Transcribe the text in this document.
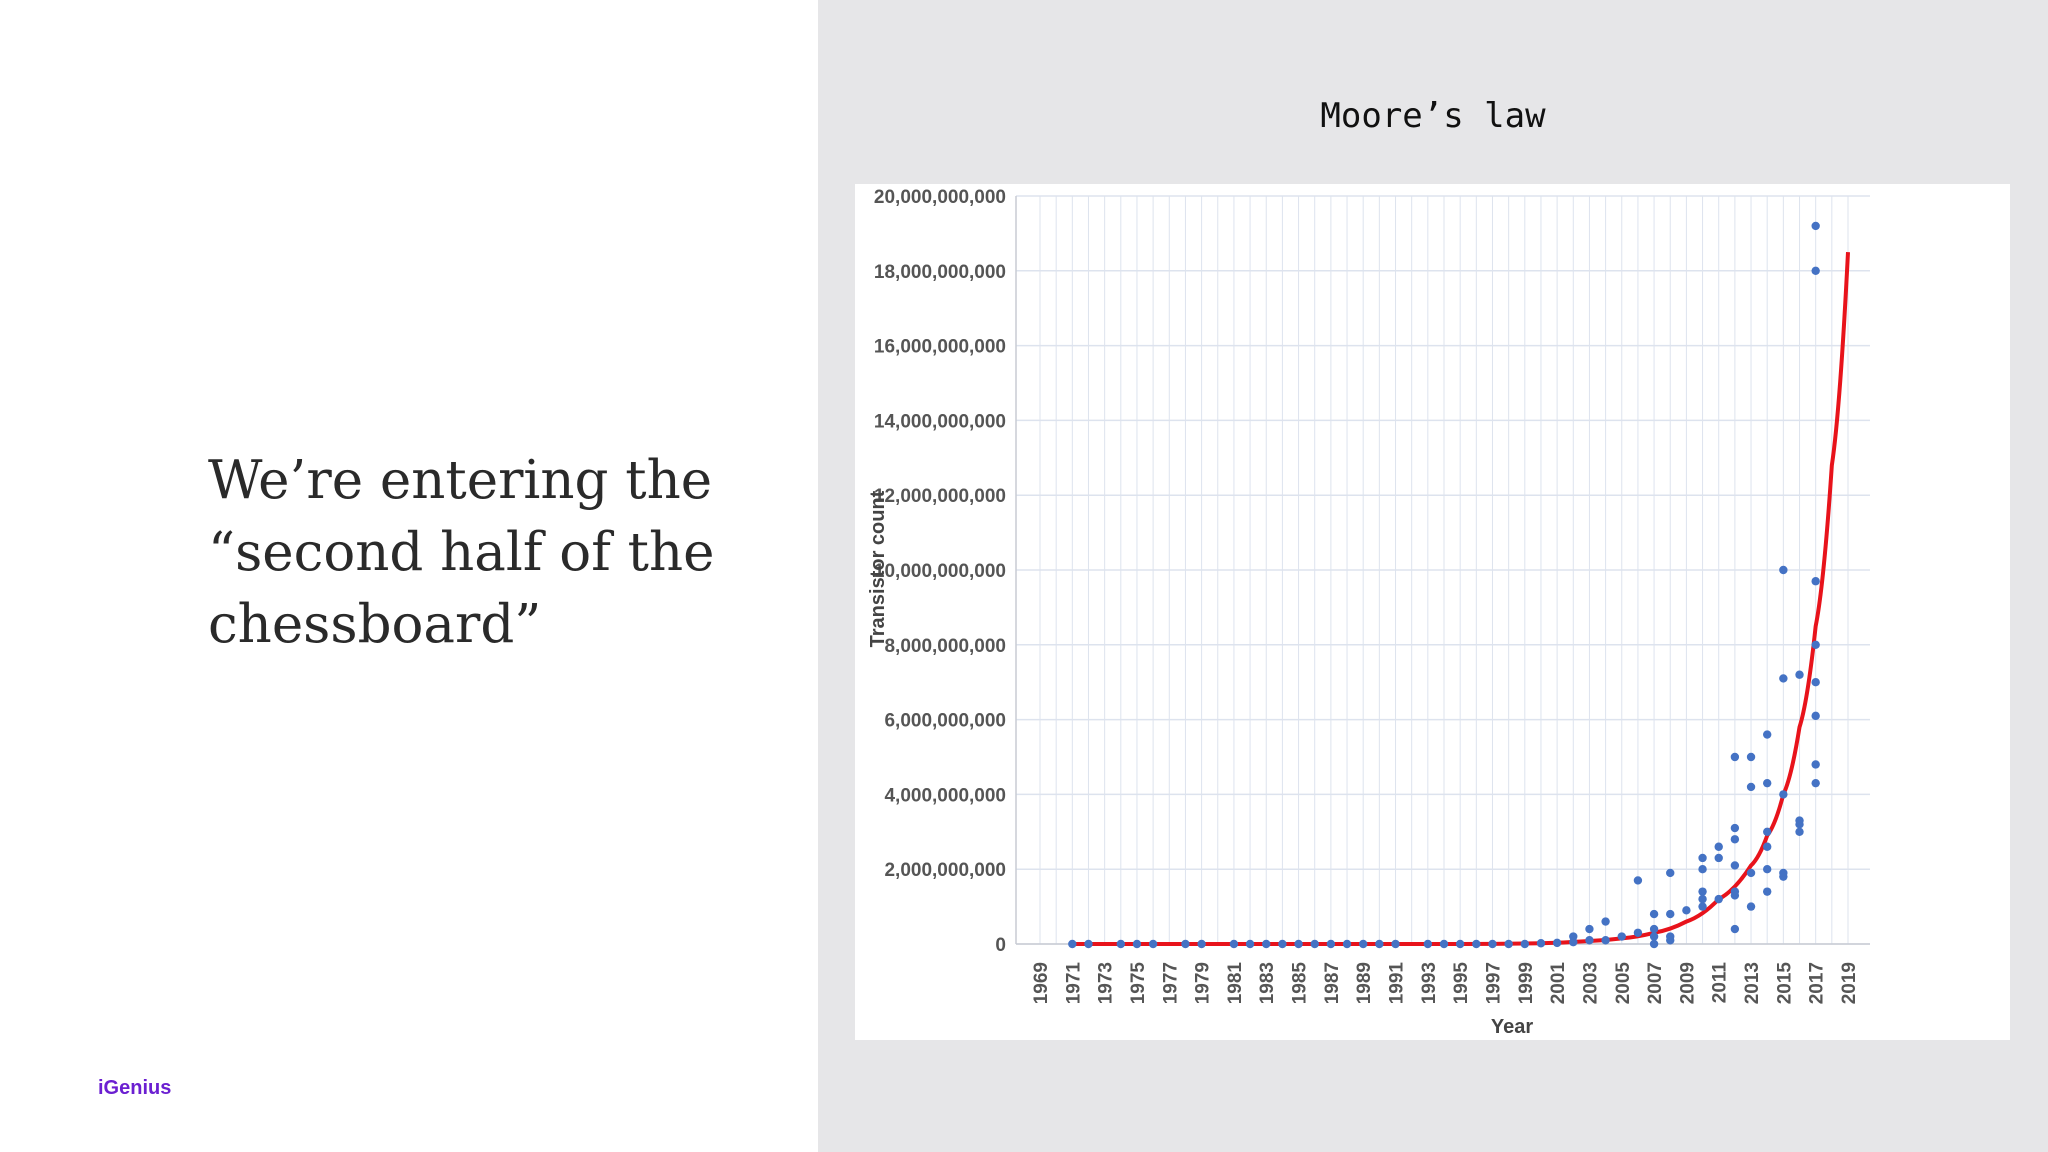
We’re entering the
“second half of the
chessboard”
iGenius
Moore’s law
0
2,000,000,000
4,000,000,000
6,000,000,000
8,000,000,000
10,000,000,000
12,000,000,000
14,000,000,000
16,000,000,000
18,000,000,000
20,000,000,000
1969 1971 1973 1975 1977 1979 1981 1983 1985 1987 1989 1991 1993 1995 1997 1999 2001 2003 2005 2007 2009 2011 2013 2015 2017 2019
Transistor count
Year
